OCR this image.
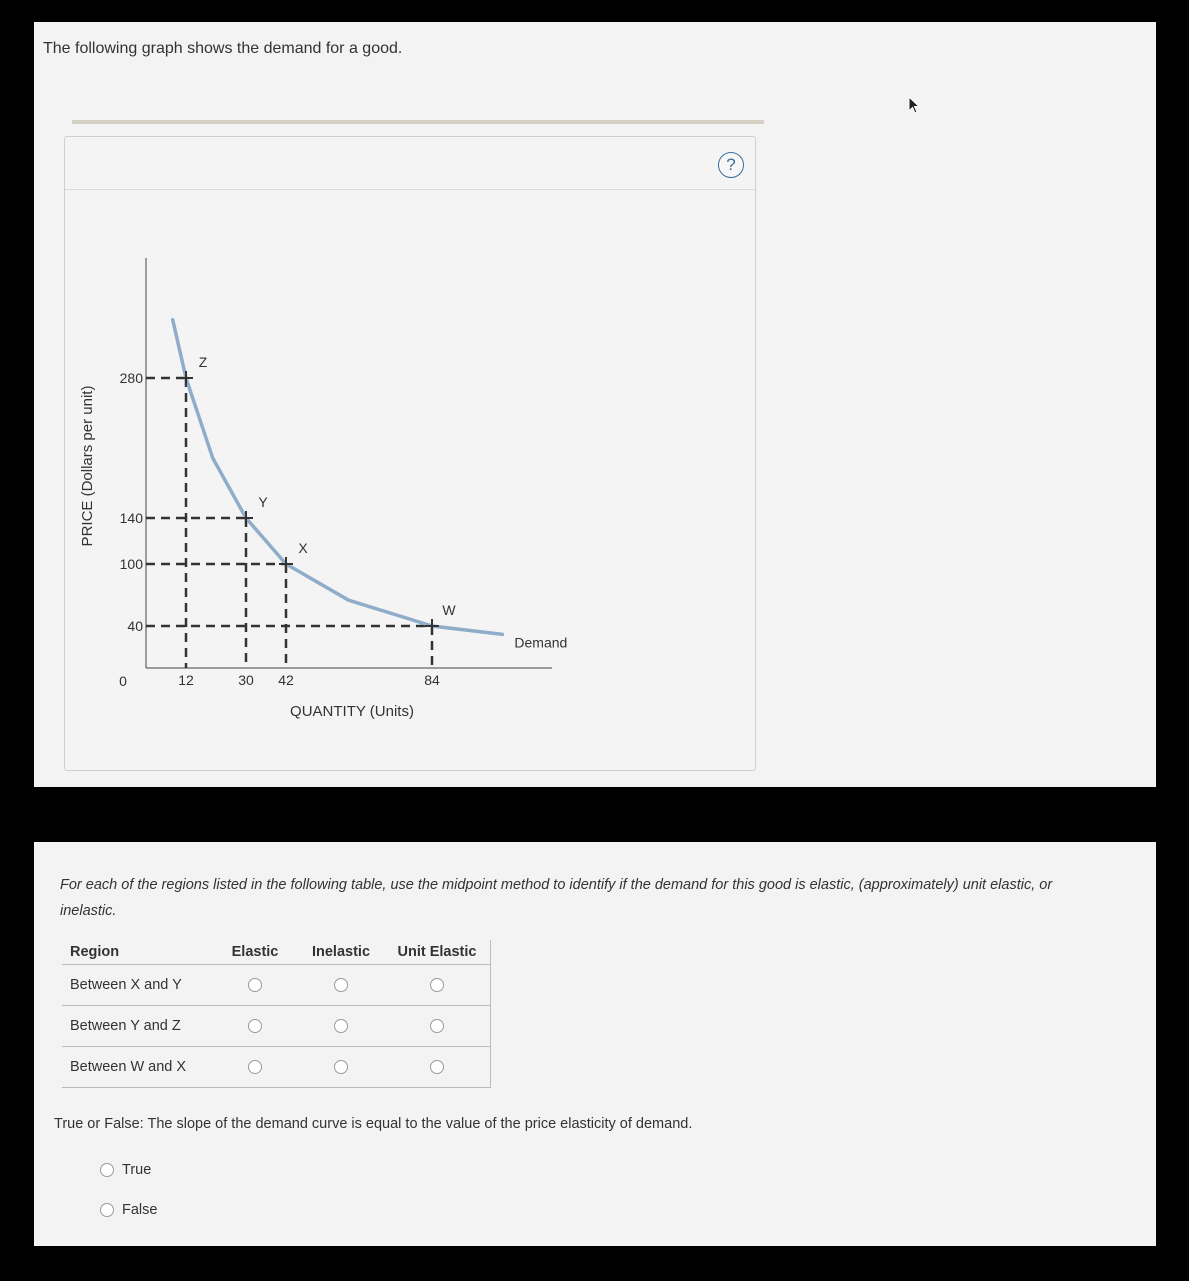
The following graph shows the demand for a good.
?
280
140
100
40
12	30 42	84
0
Demand
Z
Y
X
W
QUANTITY (Units)
PRICE (Dollars per unit)
For each of the regions listed in the following table, use the midpoint method to identify if the demand for this good is elastic, (approximately) unit elastic, or inelastic.
Region	Elastic	Inelastic	Unit Elastic
Between X and Y			
Between Y and Z			
Between W and X			
True or False: The slope of the demand curve is equal to the value of the price elasticity of demand.
True
False
